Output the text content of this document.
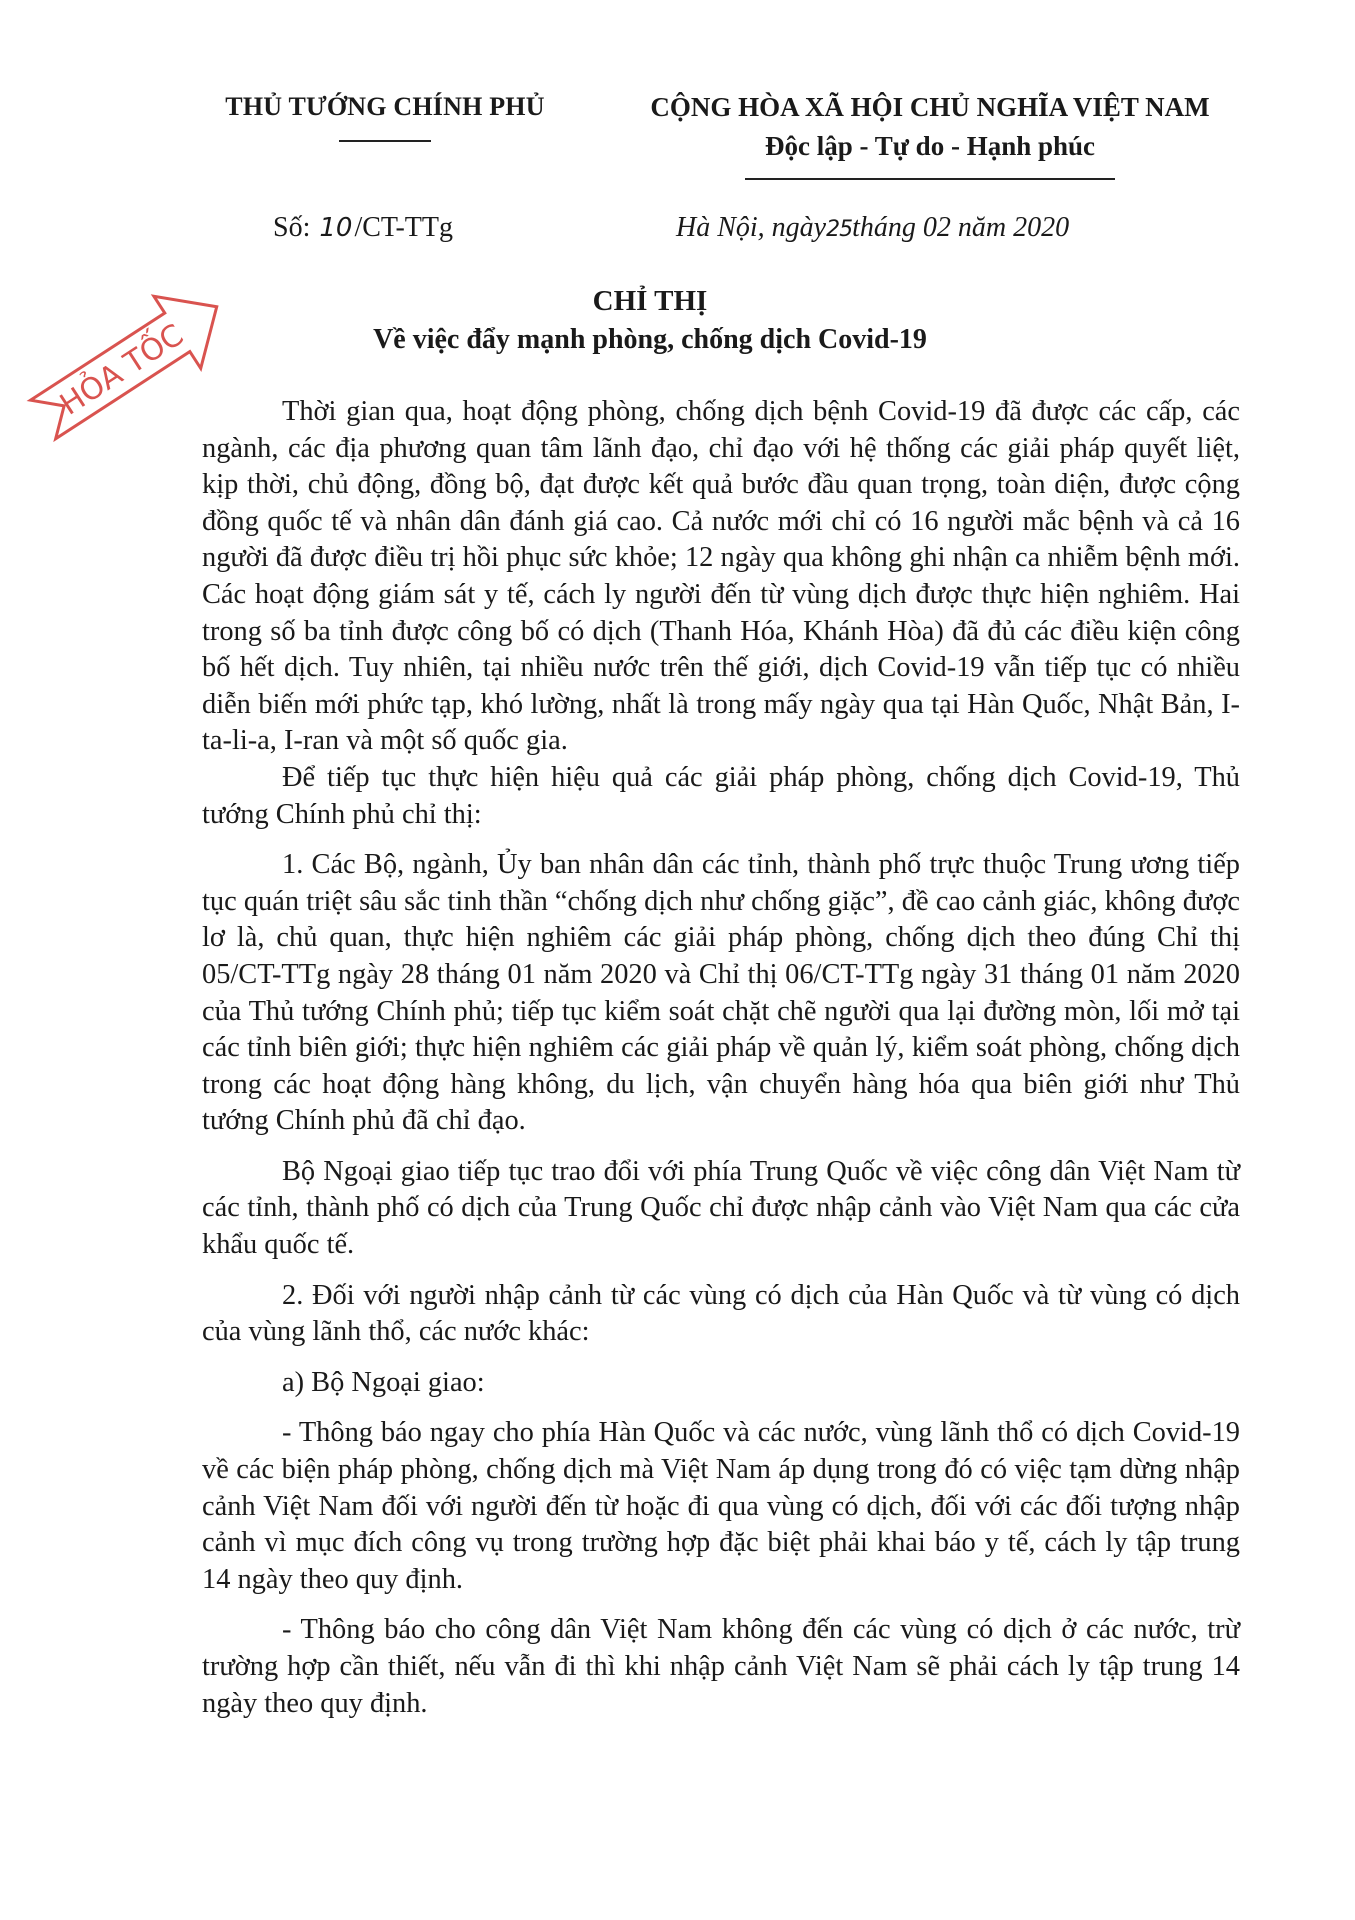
THỦ TƯỚNG CHÍNH PHỦ	CỘNG HÒA XÃ HỘI CHỦ NGHĨA VIỆT NAM
Độc lập - Tự do - Hạnh phúc
Số: 10/CT-TTg	Hà Nội, ngày25tháng 02 năm 2020
HỎA TỐC
CHỈ THỊ
Về việc đẩy mạnh phòng, chống dịch Covid-19

Thời gian qua, hoạt động phòng, chống dịch bệnh Covid-19 đã được các cấp, các ngành, các địa phương quan tâm lãnh đạo, chỉ đạo với hệ thống các giải pháp quyết liệt, kịp thời, chủ động, đồng bộ, đạt được kết quả bước đầu quan trọng, toàn diện, được cộng đồng quốc tế và nhân dân đánh giá cao. Cả nước mới chỉ có 16 người mắc bệnh và cả 16 người đã được điều trị hồi phục sức khỏe; 12 ngày qua không ghi nhận ca nhiễm bệnh mới. Các hoạt động giám sát y tế, cách ly người đến từ vùng dịch được thực hiện nghiêm. Hai trong số ba tỉnh được công bố có dịch (Thanh Hóa, Khánh Hòa) đã đủ các điều kiện công bố hết dịch. Tuy nhiên, tại nhiều nước trên thế giới, dịch Covid-19 vẫn tiếp tục có nhiều diễn biến mới phức tạp, khó lường, nhất là trong mấy ngày qua tại Hàn Quốc, Nhật Bản, I-ta-li-a, I-ran và một số quốc gia.

Để tiếp tục thực hiện hiệu quả các giải pháp phòng, chống dịch Covid-19, Thủ tướng Chính phủ chỉ thị:

1. Các Bộ, ngành, Ủy ban nhân dân các tỉnh, thành phố trực thuộc Trung ương tiếp tục quán triệt sâu sắc tinh thần “chống dịch như chống giặc”, đề cao cảnh giác, không được lơ là, chủ quan, thực hiện nghiêm các giải pháp phòng, chống dịch theo đúng Chỉ thị 05/CT-TTg ngày 28 tháng 01 năm 2020 và Chỉ thị 06/CT-TTg ngày 31 tháng 01 năm 2020 của Thủ tướng Chính phủ; tiếp tục kiểm soát chặt chẽ người qua lại đường mòn, lối mở tại các tỉnh biên giới; thực hiện nghiêm các giải pháp về quản lý, kiểm soát phòng, chống dịch trong các hoạt động hàng không, du lịch, vận chuyển hàng hóa qua biên giới như Thủ tướng Chính phủ đã chỉ đạo.

Bộ Ngoại giao tiếp tục trao đổi với phía Trung Quốc về việc công dân Việt Nam từ các tỉnh, thành phố có dịch của Trung Quốc chỉ được nhập cảnh vào Việt Nam qua các cửa khẩu quốc tế.

2. Đối với người nhập cảnh từ các vùng có dịch của Hàn Quốc và từ vùng có dịch của vùng lãnh thổ, các nước khác:

a) Bộ Ngoại giao:

- Thông báo ngay cho phía Hàn Quốc và các nước, vùng lãnh thổ có dịch Covid-19 về các biện pháp phòng, chống dịch mà Việt Nam áp dụng trong đó có việc tạm dừng nhập cảnh Việt Nam đối với người đến từ hoặc đi qua vùng có dịch, đối với các đối tượng nhập cảnh vì mục đích công vụ trong trường hợp đặc biệt phải khai báo y tế, cách ly tập trung 14 ngày theo quy định.

- Thông báo cho công dân Việt Nam không đến các vùng có dịch ở các nước, trừ trường hợp cần thiết, nếu vẫn đi thì khi nhập cảnh Việt Nam sẽ phải cách ly tập trung 14 ngày theo quy định.
